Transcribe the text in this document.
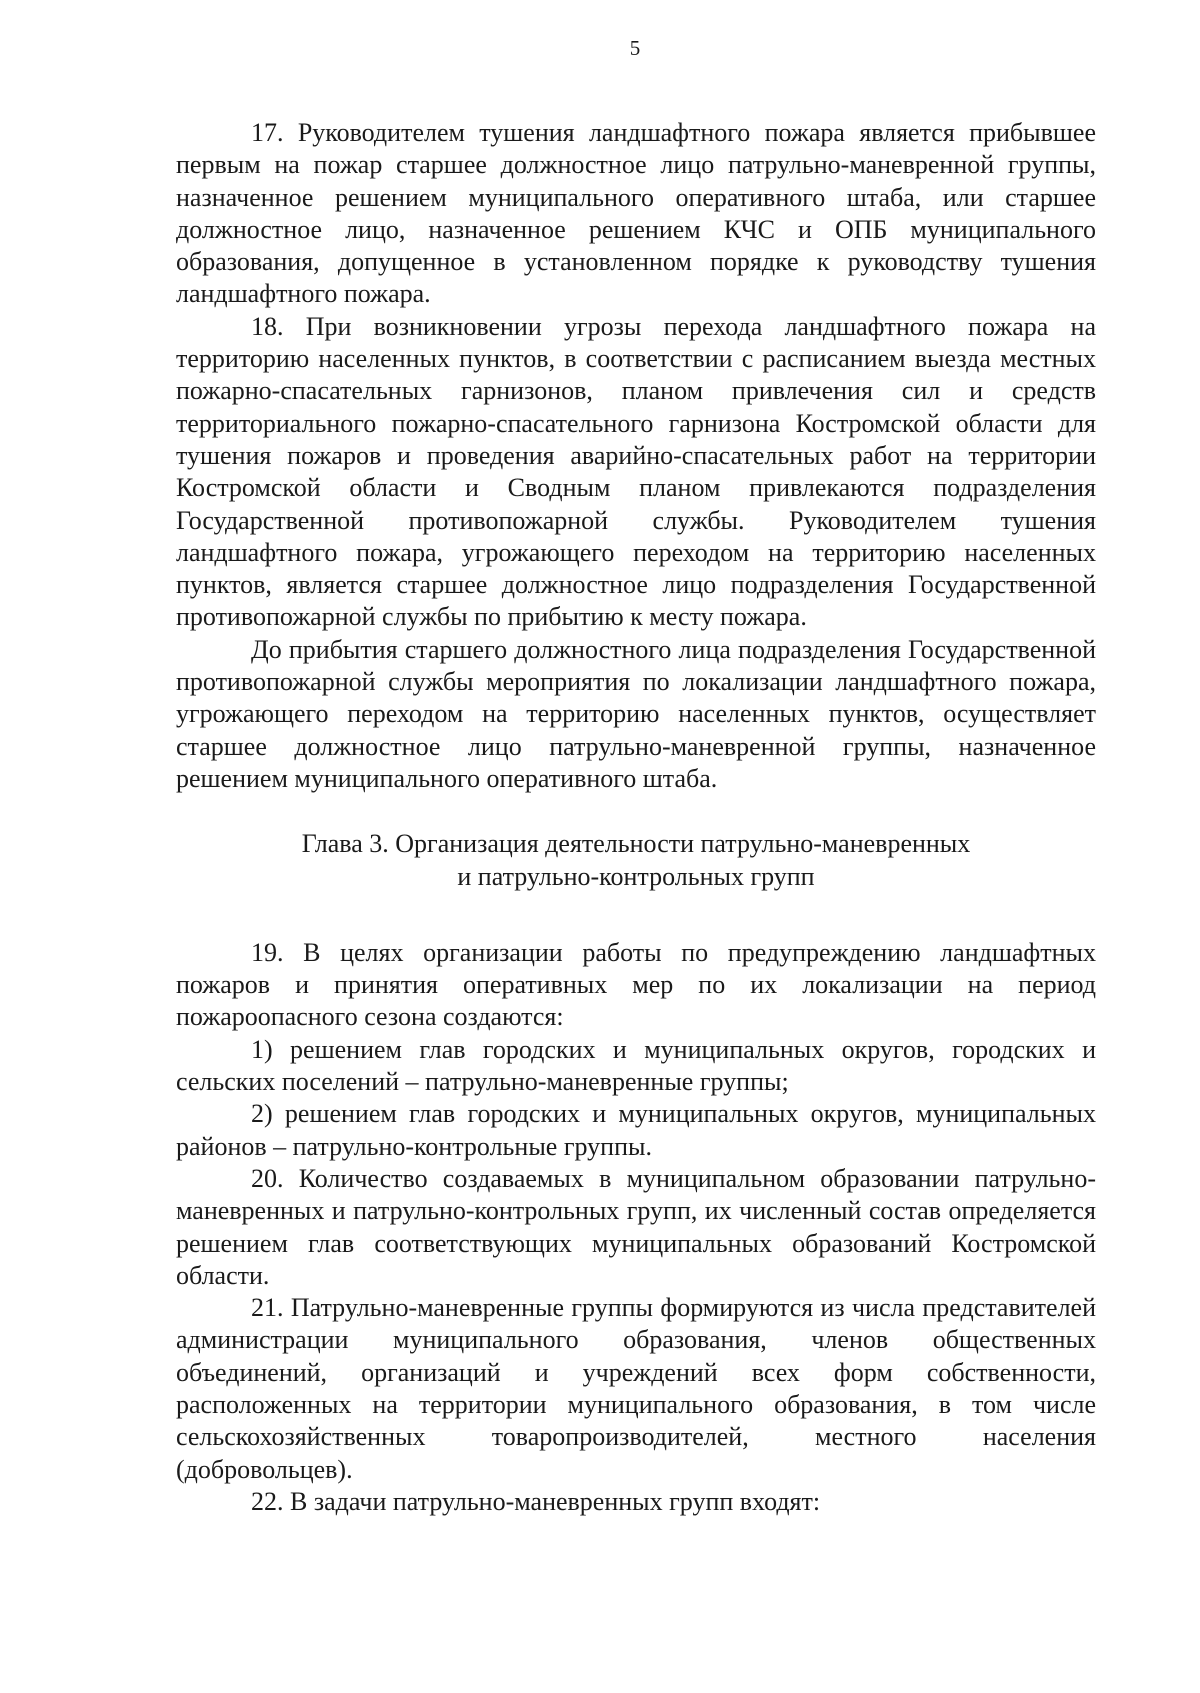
5

17. Руководителем тушения ландшафтного пожара является прибывшее первым на пожар старшее должностное лицо патрульно-маневренной группы, назначенное решением муниципального оперативного штаба, или старшее должностное лицо, назначенное решением КЧС и ОПБ муниципального образования, допущенное в установленном порядке к руководству тушения ландшафтного пожара.

18. При возникновении угрозы перехода ландшафтного пожара на территорию населенных пунктов, в соответствии с расписанием выезда местных пожарно-спасательных гарнизонов, планом привлечения сил и средств территориального пожарно-спасательного гарнизона Костромской области для тушения пожаров и проведения аварийно-спасательных работ на территории Костромской области и Сводным планом привлекаются подразделения Государственной противопожарной службы. Руководителем тушения ландшафтного пожара, угрожающего переходом на территорию населенных пунктов, является старшее должностное лицо подразделения Государственной противопожарной службы по прибытию к месту пожара.

До прибытия старшего должностного лица подразделения Государственной противопожарной службы мероприятия по локализации ландшафтного пожара, угрожающего переходом на территорию населенных пунктов, осуществляет старшее должностное лицо патрульно-маневренной группы, назначенное решением муниципального оперативного штаба.

Глава 3. Организация деятельности патрульно-маневренных

и патрульно-контрольных групп

19. В целях организации работы по предупреждению ландшафтных пожаров и принятия оперативных мер по их локализации на период пожароопасного сезона создаются:

1) решением глав городских и муниципальных округов, городских и сельских поселений – патрульно-маневренные группы;

2) решением глав городских и муниципальных округов, муниципальных районов – патрульно-контрольные группы.

20. Количество создаваемых в муниципальном образовании патрульно-маневренных и патрульно-контрольных групп, их численный состав определяется решением глав соответствующих муниципальных образований Костромской области.

21. Патрульно-маневренные группы формируются из числа представителей администрации муниципального образования, членов общественных объединений, организаций и учреждений всех форм собственности, расположенных на территории муниципального образования, в том числе сельскохозяйственных товаропроизводителей, местного населения (добровольцев).

22. В задачи патрульно-маневренных групп входят:
